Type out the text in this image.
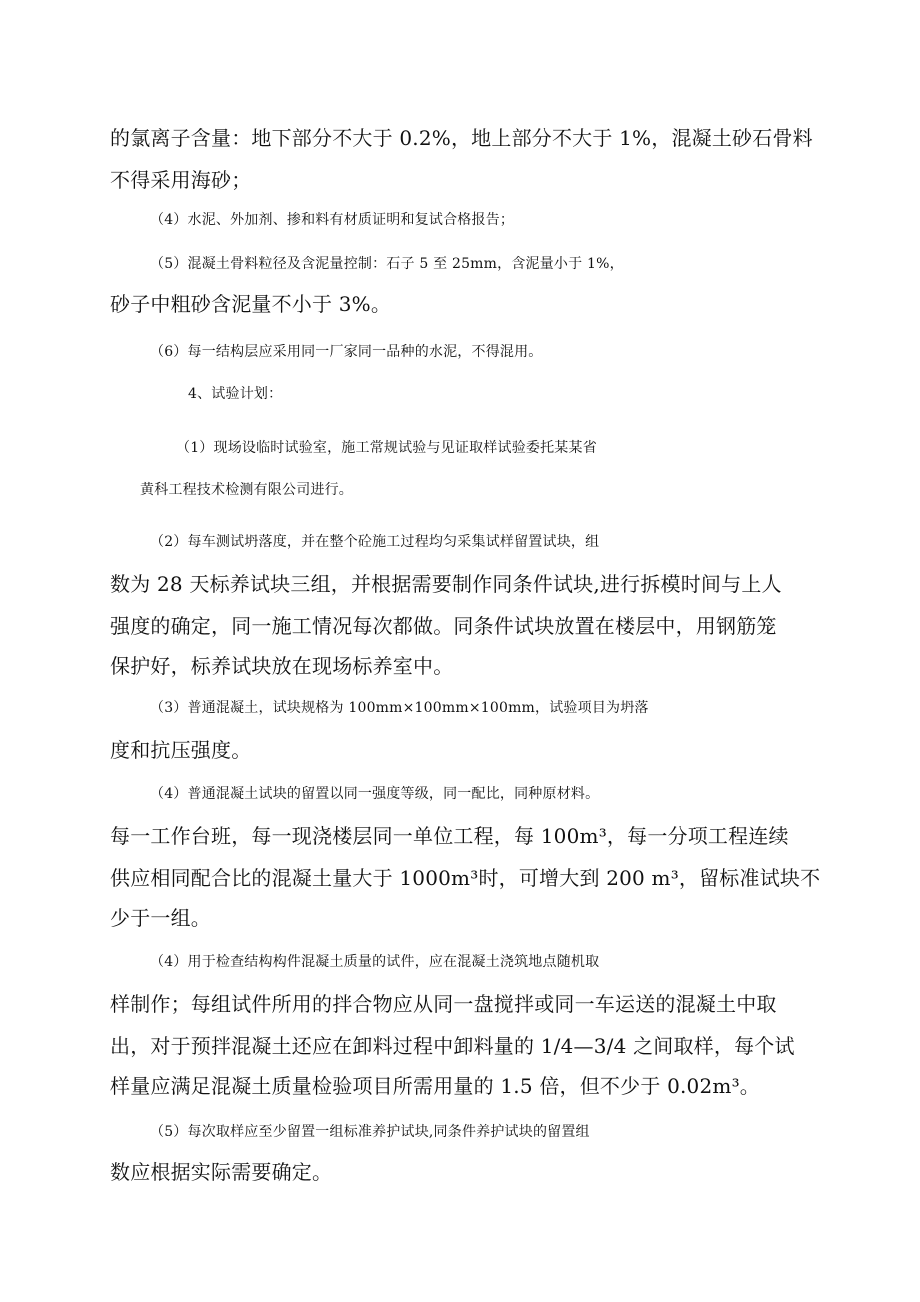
的氯离子含量：地下部分不大于 0.2%，地上部分不大于 1%，混凝土砂石骨料
不得采用海砂；
（4）水泥、外加剂、掺和料有材质证明和复试合格报告；
（5）混凝土骨料粒径及含泥量控制：石子 5 至 25mm，含泥量小于 1%，
砂子中粗砂含泥量不小于 3%。
（6）每一结构层应采用同一厂家同一品种的水泥，不得混用。
4、试验计划：
（1）现场设临时试验室，施工常规试验与见证取样试验委托某某省
黄科工程技术检测有限公司进行。
（2）每车测试坍落度，并在整个砼施工过程均匀采集试样留置试块，组
数为 28 天标养试块三组，并根据需要制作同条件试块,进行拆模时间与上人
强度的确定，同一施工情况每次都做。同条件试块放置在楼层中，用钢筋笼
保护好，标养试块放在现场标养室中。
（3）普通混凝土，试块规格为 100mm×100mm×100mm，试验项目为坍落
度和抗压强度。
（4）普通混凝土试块的留置以同一强度等级，同一配比，同种原材料。
每一工作台班，每一现浇楼层同一单位工程，每 100m³，每一分项工程连续
供应相同配合比的混凝土量大于 1000m³时，可增大到 200 m³，留标准试块不
少于一组。
（4）用于检查结构构件混凝土质量的试件，应在混凝土浇筑地点随机取
样制作；每组试件所用的拌合物应从同一盘搅拌或同一车运送的混凝土中取
出，对于预拌混凝土还应在卸料过程中卸料量的 1/4—3/4 之间取样，每个试
样量应满足混凝土质量检验项目所需用量的 1.5 倍，但不少于 0.02m³。
（5）每次取样应至少留置一组标准养护试块,同条件养护试块的留置组
数应根据实际需要确定。
